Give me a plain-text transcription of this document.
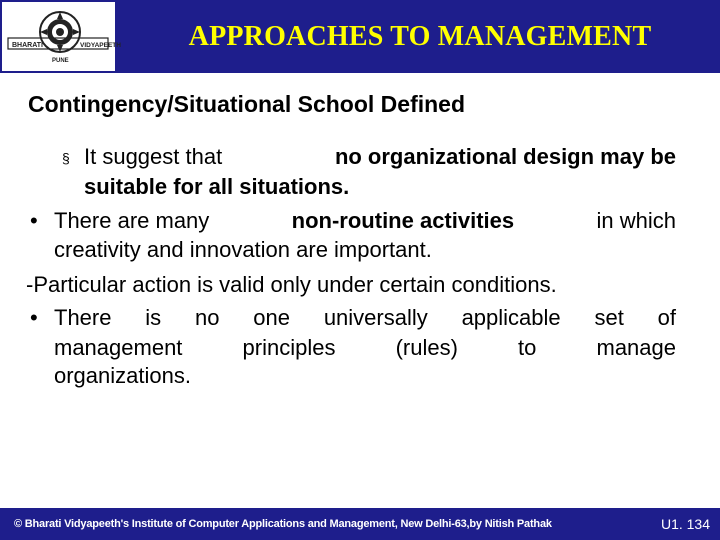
BHARATI	VIDYAPEETH
PUNE
APPROACHES TO MANAGEMENT
Contingency/Situational School Defined
§ It suggest that	no organizational design may be
suitable for all situations.
• There are many	non-routine activities	in which
creativity and innovation are important.
-Particular action is valid only under certain conditions.
• There is no one universally applicable set of
management principles (rules) to manage
organizations.
© Bharati Vidyapeeth's Institute of Computer Applications and Management, New Delhi-63,by Nitish Pathak	U1. 134
